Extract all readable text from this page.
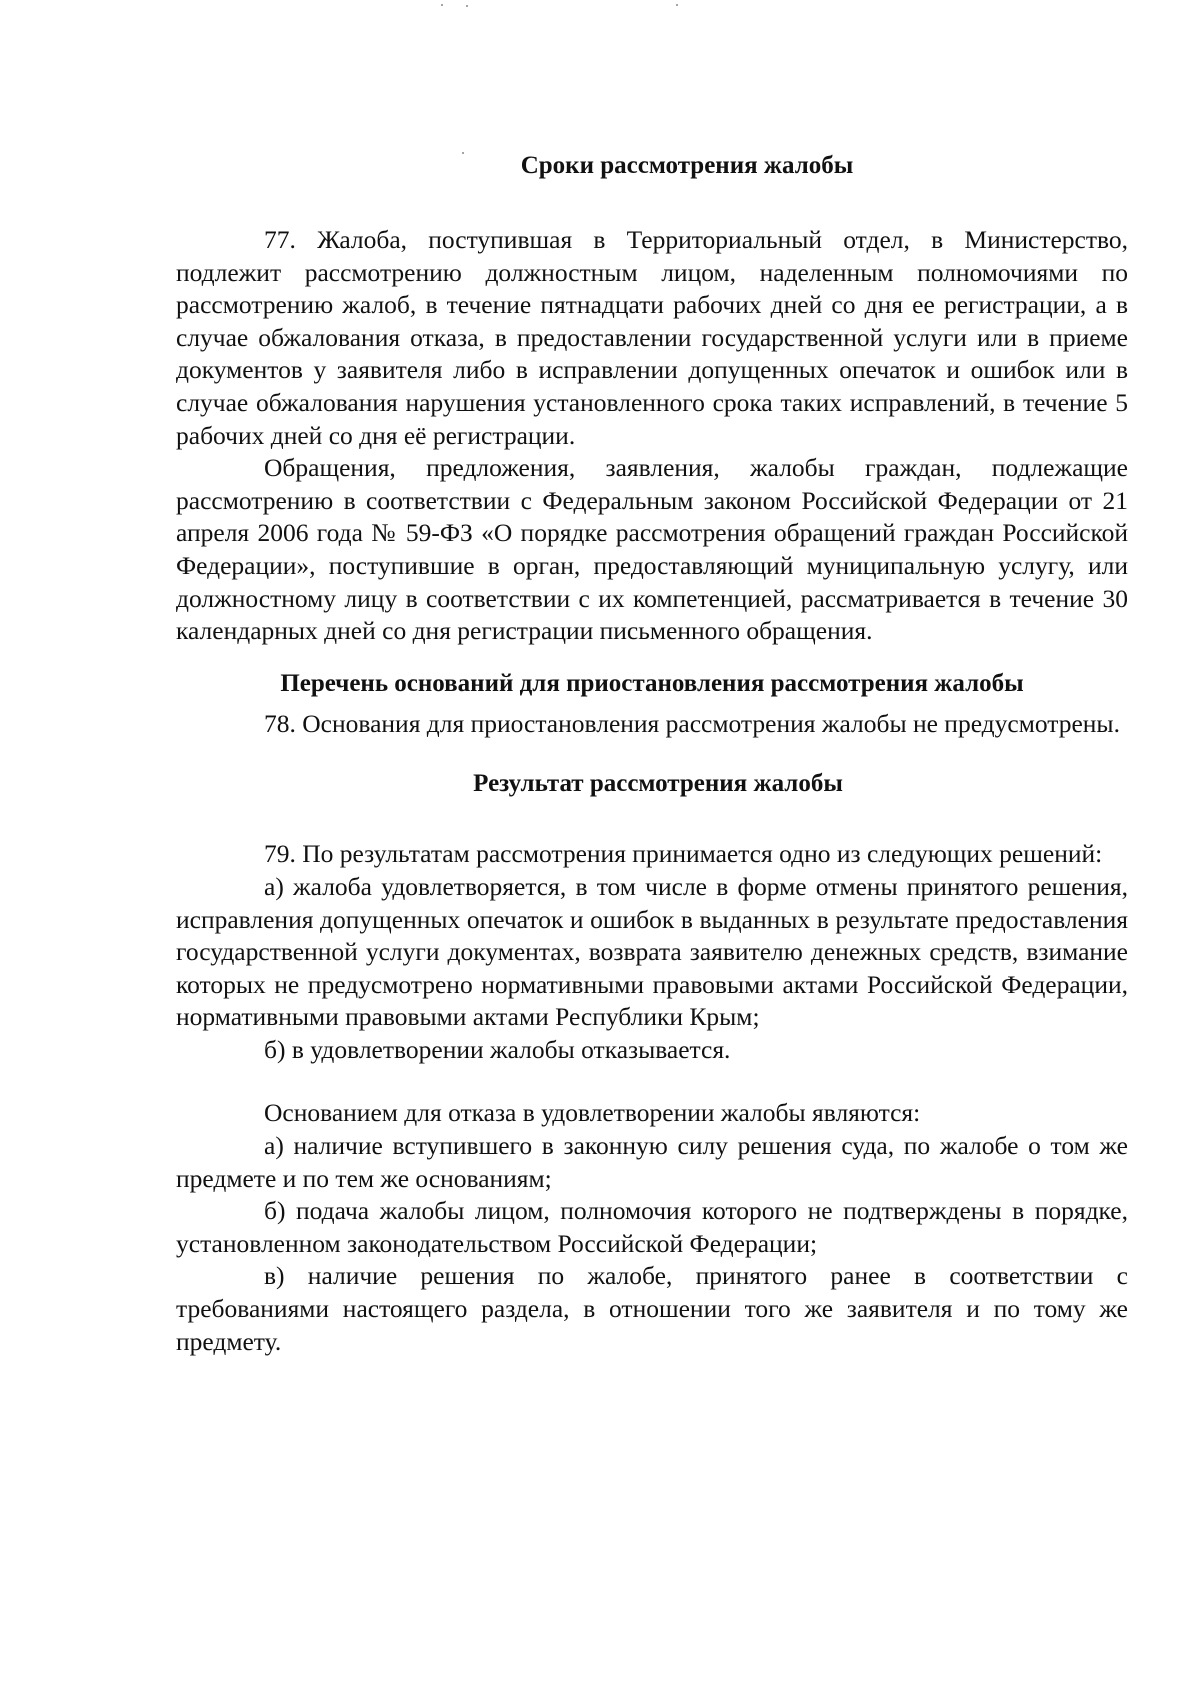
Сроки рассмотрения жалобы

77. Жалоба, поступившая в Территориальный отдел, в Министерство, подлежит рассмотрению должностным лицом, наделенным полномочиями по рассмотрению жалоб, в течение пятнадцати рабочих дней со дня ее регистрации, а в случае обжалования отказа, в предоставлении государственной услуги или в приеме документов у заявителя либо в исправлении допущенных опечаток и ошибок или в случае обжалования нарушения установленного срока таких исправлений, в течение 5 рабочих дней со дня её регистрации.

Обращения, предложения, заявления, жалобы граждан, подлежащие рассмотрению в соответствии с Федеральным законом Российской Федерации от 21 апреля 2006 года № 59-ФЗ «О порядке рассмотрения обращений граждан Российской Федерации», поступившие в орган, предоставляющий муниципальную услугу, или должностному лицу в соответствии с их компетенцией, рассматривается в течение 30 календарных дней со дня регистрации письменного обращения.

Перечень оснований для приостановления рассмотрения жалобы

78. Основания для приостановления рассмотрения жалобы не предусмотрены.

Результат рассмотрения жалобы

79. По результатам рассмотрения принимается одно из следующих решений:

а) жалоба удовлетворяется, в том числе в форме отмены принятого решения, исправления допущенных опечаток и ошибок в выданных в результате предоставления государственной услуги документах, возврата заявителю денежных средств, взимание которых не предусмотрено нормативными правовыми актами Российской Федерации, нормативными правовыми актами Республики Крым;

б) в удовлетворении жалобы отказывается.

Основанием для отказа в удовлетворении жалобы являются:

а) наличие вступившего в законную силу решения суда, по жалобе о том же предмете и по тем же основаниям;

б) подача жалобы лицом, полномочия которого не подтверждены в порядке, установленном законодательством Российской Федерации;

в) наличие решения по жалобе, принятого ранее в соответствии с требованиями настоящего раздела, в отношении того же заявителя и по тому же предмету.
